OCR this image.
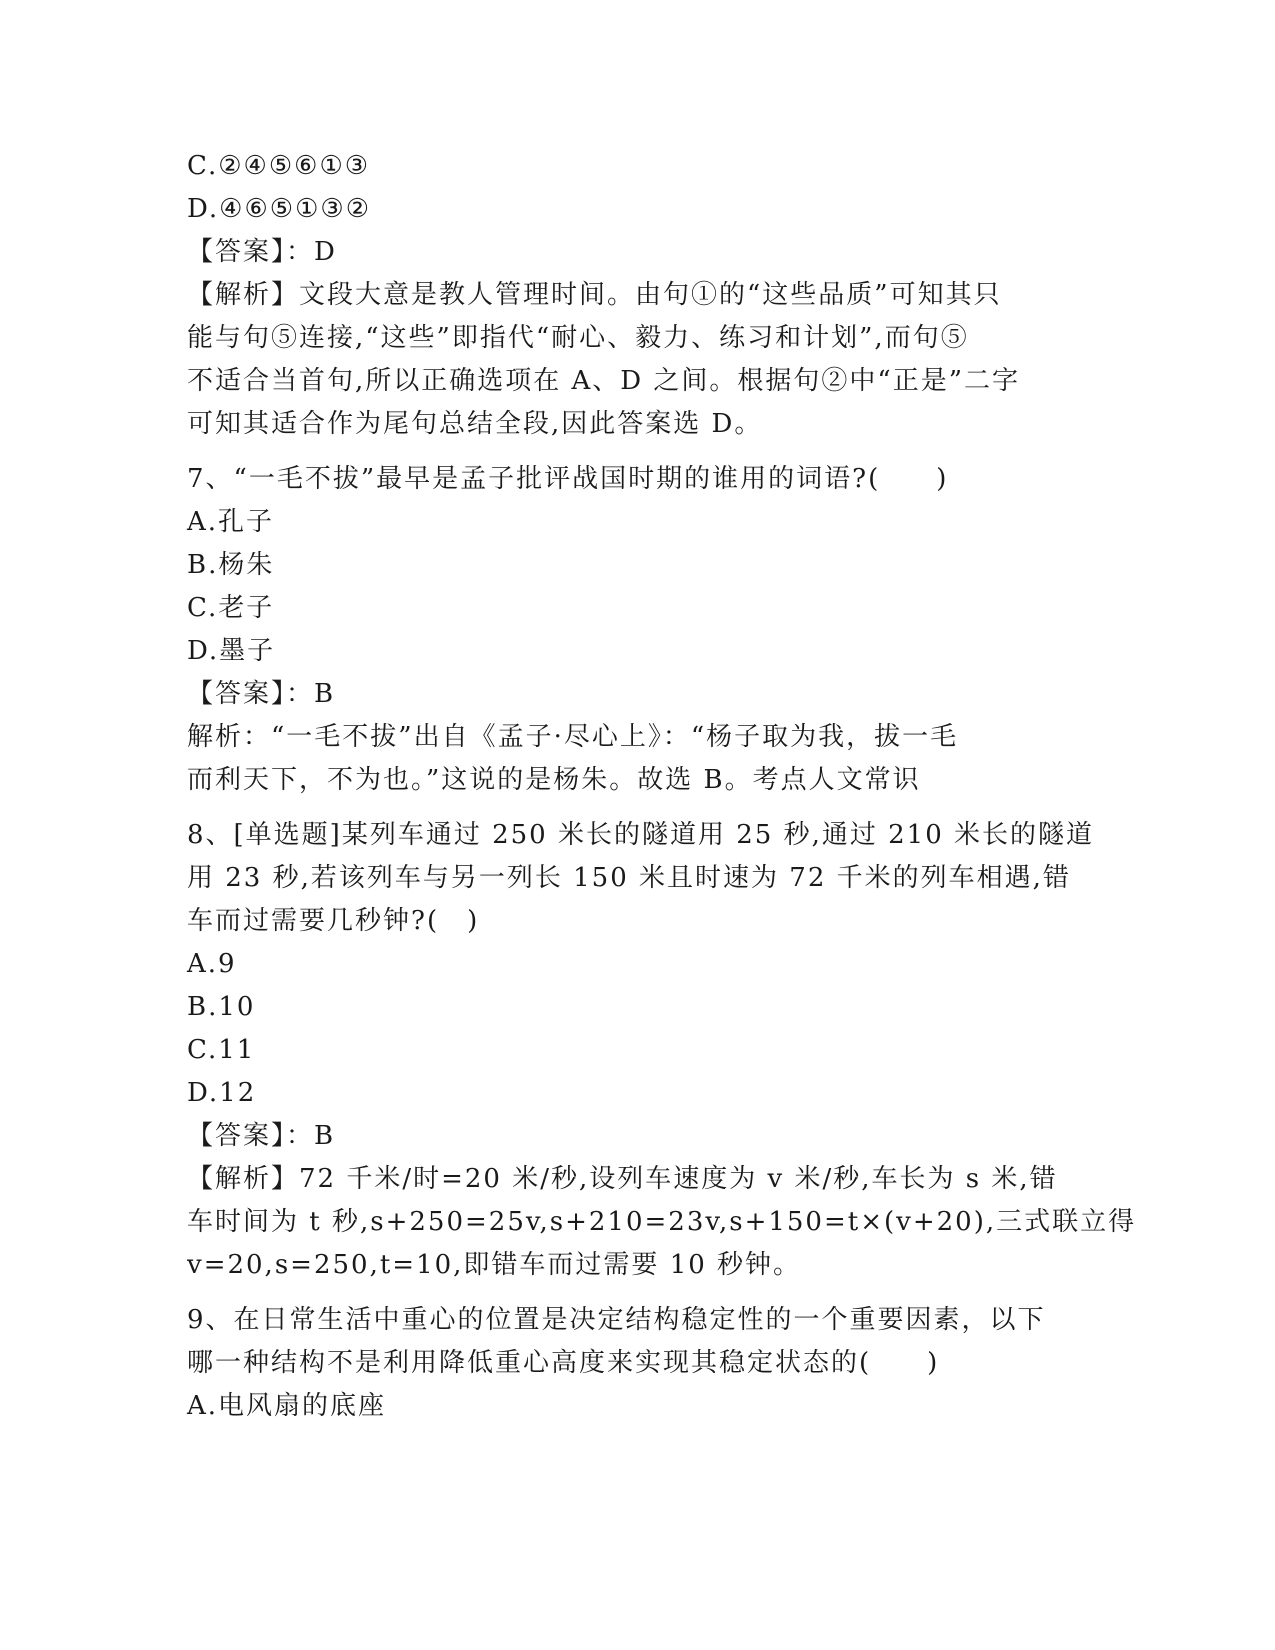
C.②④⑤⑥①③

D.④⑥⑤①③②

【答案】：D

【解析】文段大意是教人管理时间。由句①的“这些品质”可知其只

能与句⑤连接,“这些”即指代“耐心、毅力、练习和计划”,而句⑤

不适合当首句,所以正确选项在 A、D 之间。根据句②中“正是”二字

可知其适合作为尾句总结全段,因此答案选 D。

7、“一毛不拔”最早是孟子批评战国时期的谁用的词语?(　　)

A.孔子

B.杨朱

C.老子

D.墨子

【答案】：B

解析：“一毛不拔”出自《孟子·尽心上》：“杨子取为我，拔一毛

而利天下，不为也。”这说的是杨朱。故选 B。考点人文常识

8、[单选题]某列车通过 250 米长的隧道用 25 秒,通过 210 米长的隧道

用 23 秒,若该列车与另一列长 150 米且时速为 72 千米的列车相遇,错

车而过需要几秒钟?(　)

A.9

B.10

C.11

D.12

【答案】：B

【解析】72 千米/时=20 米/秒,设列车速度为 v 米/秒,车长为 s 米,错

车时间为 t 秒,s+250=25v,s+210=23v,s+150=t×(v+20),三式联立得

v=20,s=250,t=10,即错车而过需要 10 秒钟。

9、在日常生活中重心的位置是决定结构稳定性的一个重要因素，以下

哪一种结构不是利用降低重心高度来实现其稳定状态的(　　)

A.电风扇的底座
